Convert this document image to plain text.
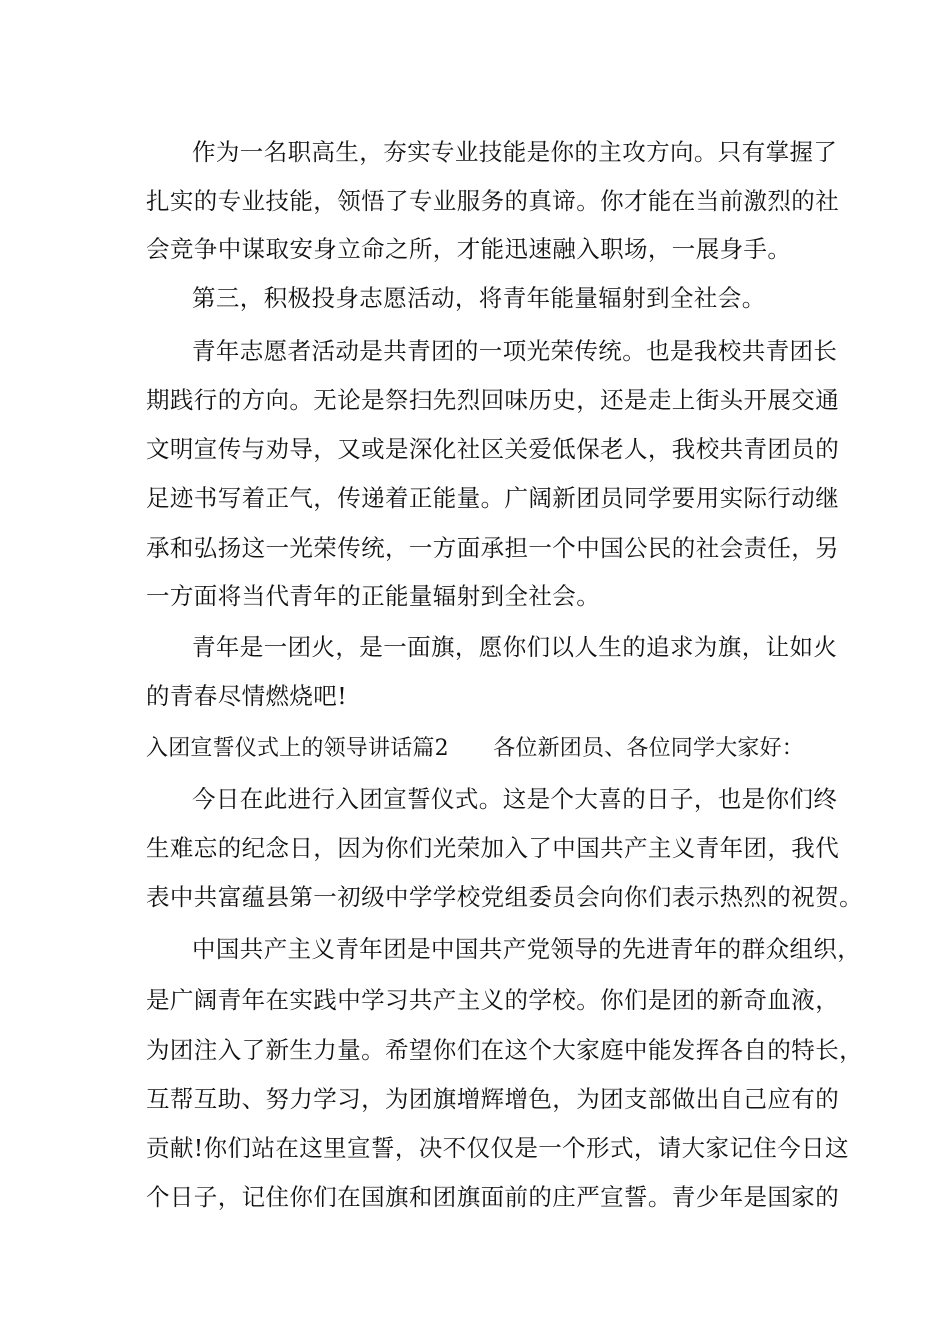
作为一名职高生，夯实专业技能是你的主攻方向。只有掌握了
扎实的专业技能，领悟了专业服务的真谛。你才能在当前激烈的社
会竞争中谋取安身立命之所，才能迅速融入职场，一展身手。
第三，积极投身志愿活动，将青年能量辐射到全社会。
青年志愿者活动是共青团的一项光荣传统。也是我校共青团长
期践行的方向。无论是祭扫先烈回味历史，还是走上街头开展交通
文明宣传与劝导，又或是深化社区关爱低保老人，我校共青团员的
足迹书写着正气，传递着正能量。广阔新团员同学要用实际行动继
承和弘扬这一光荣传统，一方面承担一个中国公民的社会责任，另
一方面将当代青年的正能量辐射到全社会。
青年是一团火，是一面旗，愿你们以人生的追求为旗，让如火
的青春尽情燃烧吧!
入团宣誓仪式上的领导讲话篇2　　各位新团员、各位同学大家好：
今日在此进行入团宣誓仪式。这是个大喜的日子，也是你们终
生难忘的纪念日，因为你们光荣加入了中国共产主义青年团，我代
表中共富蕴县第一初级中学学校党组委员会向你们表示热烈的祝贺。
中国共产主义青年团是中国共产党领导的先进青年的群众组织，
是广阔青年在实践中学习共产主义的学校。你们是团的新奇血液，
为团注入了新生力量。希望你们在这个大家庭中能发挥各自的特长，
互帮互助、努力学习，为团旗增辉增色，为团支部做出自己应有的
贡献!你们站在这里宣誓，决不仅仅是一个形式，请大家记住今日这
个日子，记住你们在国旗和团旗面前的庄严宣誓。青少年是国家的
